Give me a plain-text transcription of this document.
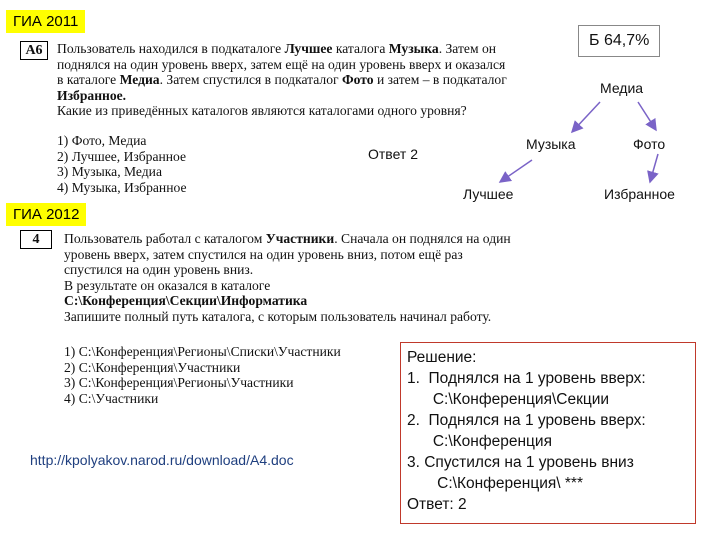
ГИА 2011
А6	Пользователь находился в подкаталоге Лучшее каталога Музыка. Затем он

поднялся на один уровень вверх, затем ещё на один уровень вверх и оказался

в каталоге Медиа. Затем спустился в подкаталог Фото и затем – в подкаталог

Избранное.

Какие из приведённых каталогов являются каталогами одного уровня?

1) Фото, Медиа
2) Лучшее, Избранное
3) Музыка, Медиа
4) Музыка, Избранное
Ответ 2
Б 64,7%
Медиа
Музыка	Фото
Лучшее	Избранное
ГИА 2012
4	Пользователь работал с каталогом Участники. Сначала он поднялся на один

уровень вверх, затем спустился на один уровень вниз, потом ещё раз

спустился на один уровень вниз.

В результате он оказался в каталоге

С:\Конференция\Секции\Информатика

Запишите полный путь каталога, с которым пользователь начинал работу.

1) С:\Конференция\Регионы\Списки\Участники
2) С:\Конференция\Участники
3) С:\Конференция\Регионы\Участники
4) С:\Участники
http://kpolyakov.narod.ru/download/A4.doc
Решение:
1.  Поднялся на 1 уровень вверх:
С:\Конференция\Секции
2.  Поднялся на 1 уровень вверх:
С:\Конференция
3. Спустился на 1 уровень вниз
С:\Конференция\ ***
Ответ: 2
